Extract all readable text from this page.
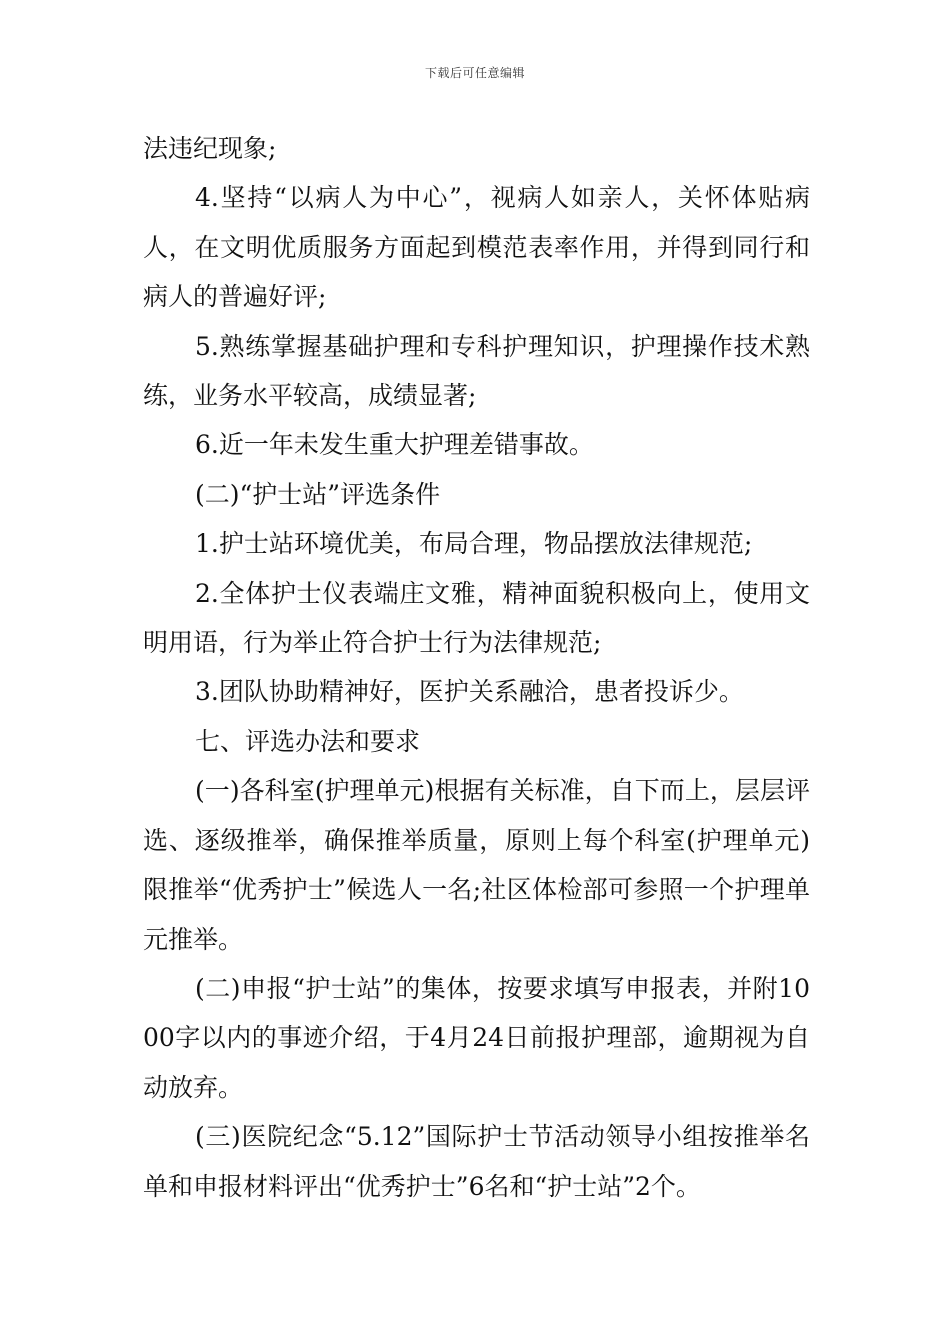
下载后可任意编辑

法违纪现象;

4.坚持“以病人为中心”，视病人如亲人，关怀体贴病人，在文明优质服务方面起到模范表率作用，并得到同行和病人的普遍好评;

5.熟练掌握基础护理和专科护理知识，护理操作技术熟练，业务水平较高，成绩显著;

6.近一年未发生重大护理差错事故。

(二)“护士站”评选条件

1.护士站环境优美，布局合理，物品摆放法律规范;

2.全体护士仪表端庄文雅，精神面貌积极向上，使用文明用语，行为举止符合护士行为法律规范;

3.团队协助精神好，医护关系融洽，患者投诉少。

七、评选办法和要求

(一)各科室(护理单元)根据有关标准，自下而上，层层评选、逐级推举，确保推举质量，原则上每个科室(护理单元)限推举“优秀护士”候选人一名;社区体检部可参照一个护理单元推举。

(二)申报“护士站”的集体，按要求填写申报表，并附1000字以内的事迹介绍，于4月24日前报护理部，逾期视为自动放弃。

(三)医院纪念“5.12”国际护士节活动领导小组按推举名单和申报材料评出“优秀护士”6名和“护士站”2个。
